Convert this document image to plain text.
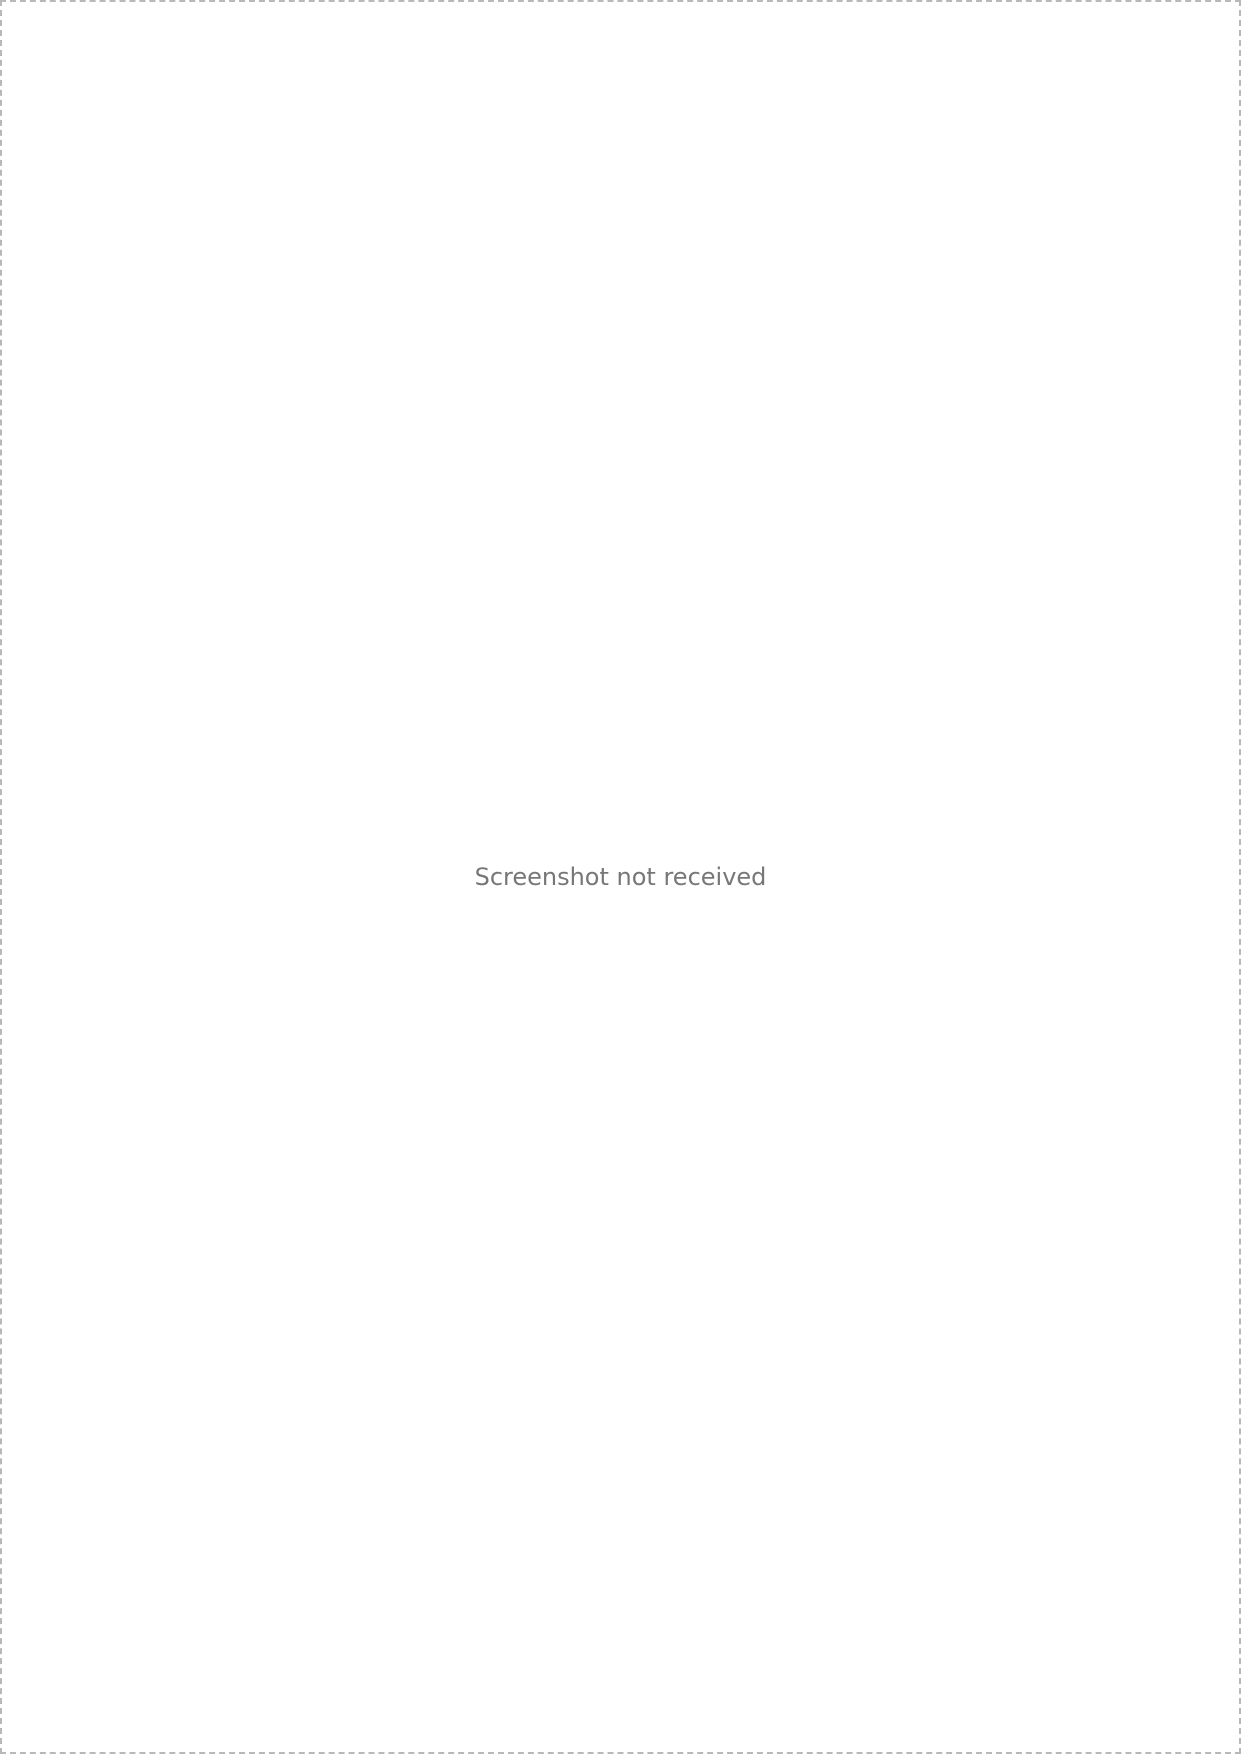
Screenshot not received
